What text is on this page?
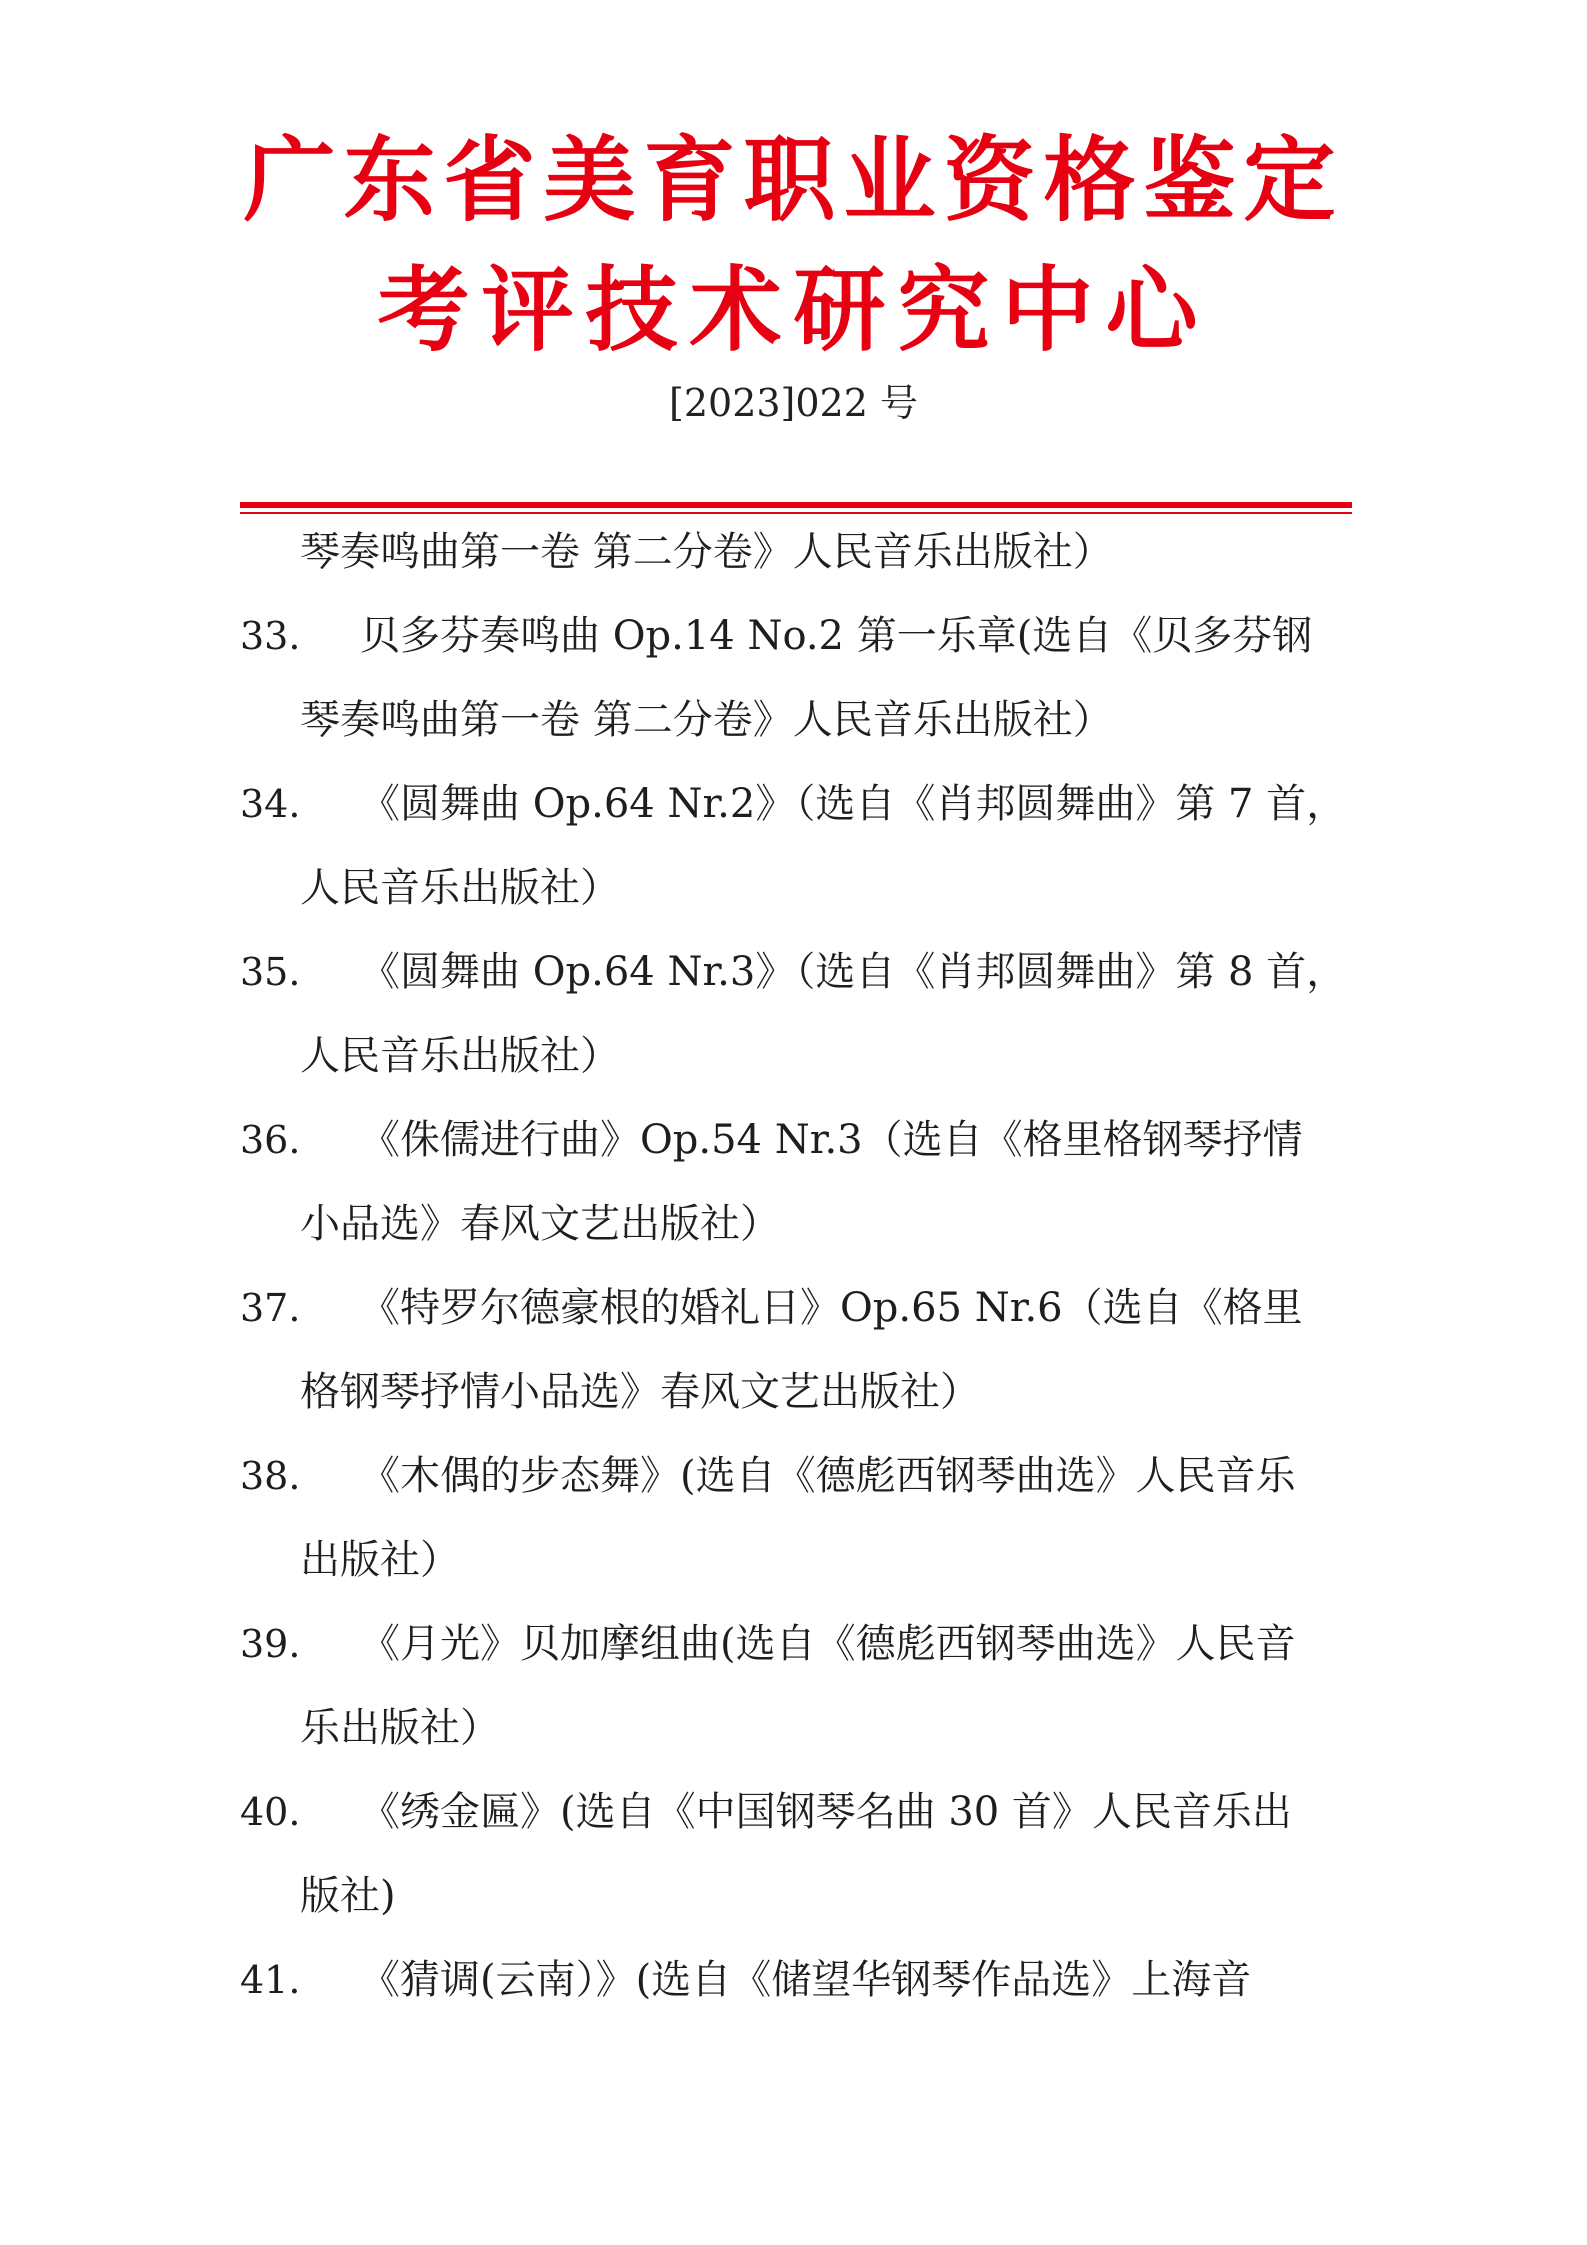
广东省美育职业资格鉴定
考评技术研究中心
[2023]022 号
琴奏鸣曲第一卷 第二分卷》人民音乐出版社）
33. 贝多芬奏鸣曲 Op.14 No.2 第一乐章(选自《贝多芬钢
琴奏鸣曲第一卷 第二分卷》人民音乐出版社）
34. 《圆舞曲 Op.64 Nr.2》（选自《肖邦圆舞曲》第 7 首，
人民音乐出版社）
35. 《圆舞曲 Op.64 Nr.3》（选自《肖邦圆舞曲》第 8 首，
人民音乐出版社）
36. 《侏儒进行曲》Op.54 Nr.3（选自《格里格钢琴抒情
小品选》春风文艺出版社）
37. 《特罗尔德豪根的婚礼日》Op.65 Nr.6（选自《格里
格钢琴抒情小品选》春风文艺出版社）
38. 《木偶的步态舞》(选自《德彪西钢琴曲选》人民音乐
出版社）
39. 《月光》贝加摩组曲(选自《德彪西钢琴曲选》人民音
乐出版社）
40. 《绣金匾》(选自《中国钢琴名曲 30 首》人民音乐出
版社)
41. 《猜调(云南）》(选自《储望华钢琴作品选》上海音
